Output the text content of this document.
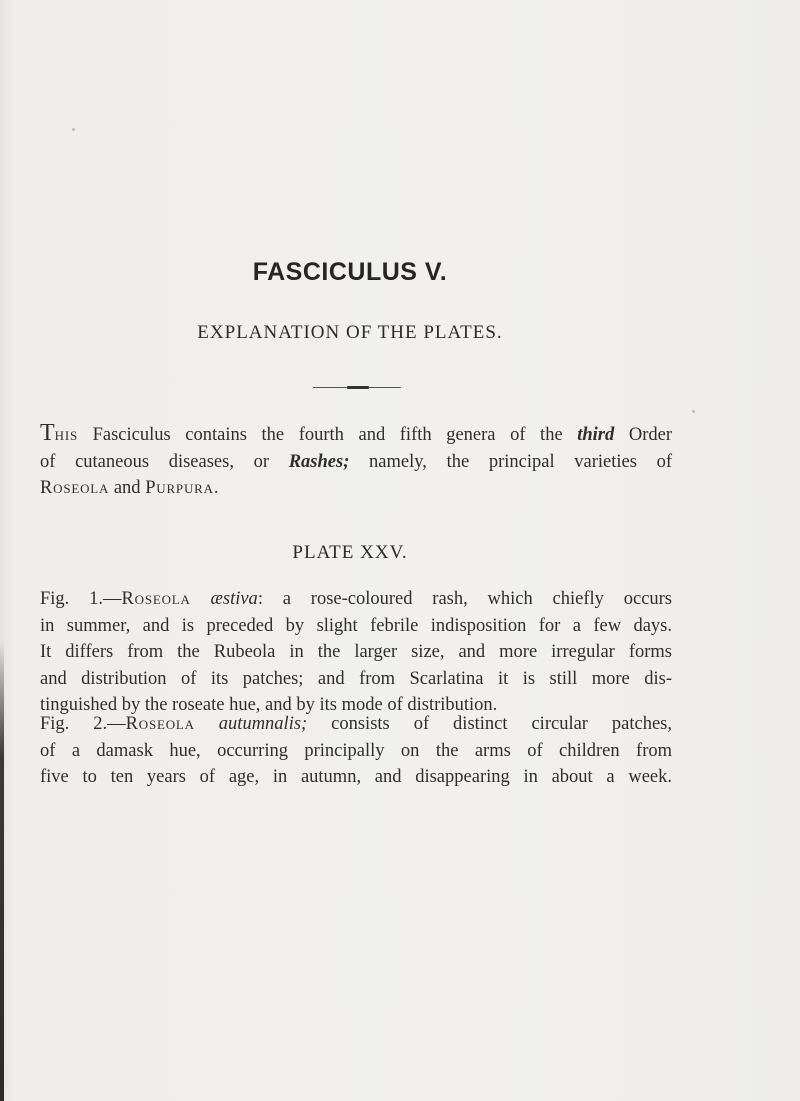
FASCICULUS V.
EXPLANATION OF THE PLATES.
This Fasciculus contains the fourth and fifth genera of the third Order
of cutaneous diseases, or Rashes; namely, the principal varieties of
Roseola and Purpura.
PLATE XXV.
Fig. 1.—Roseola æstiva: a rose-coloured rash, which chiefly occurs
in summer, and is preceded by slight febrile indisposition for a few days.
It differs from the Rubeola in the larger size, and more irregular forms
and distribution of its patches; and from Scarlatina it is still more dis-
tinguished by the roseate hue, and by its mode of distribution.
Fig. 2.—Roseola autumnalis; consists of distinct circular patches,
of a damask hue, occurring principally on the arms of children from
five to ten years of age, in autumn, and disappearing in about a week.
